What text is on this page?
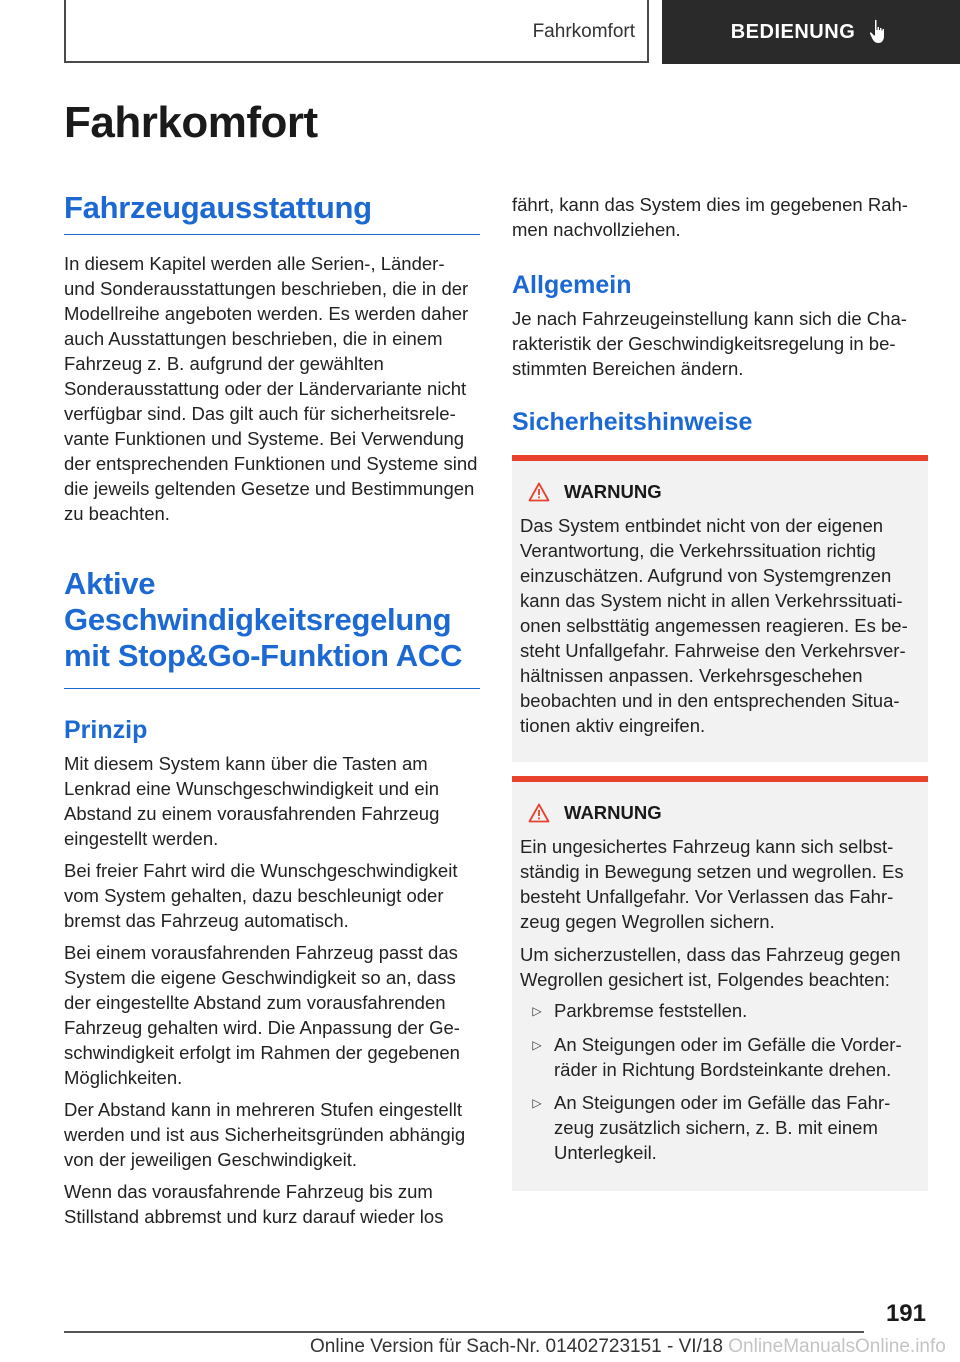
Fahrkomfort	BEDIENUNG
Fahrkomfort
Fahrzeugausstattung

In diesem Kapitel werden alle Serien-, Länder- und Sonderausstattungen beschrieben, die in der Modellreihe angeboten werden. Es werden daher auch Ausstattungen beschrieben, die in einem Fahrzeug z. B. aufgrund der gewählten Sonderausstattung oder der Ländervariante nicht verfügbar sind. Das gilt auch für sicherheitsrelevante Funktionen und Systeme. Bei Verwendung der entsprechenden Funktionen und Systeme sind die jeweils geltenden Gesetze und Bestimmungen zu beachten.

Aktive Geschwindigkeitsregelung mit Stop&Go-Funktion ACC
Prinzip

Mit diesem System kann über die Tasten am Lenkrad eine Wunschgeschwindigkeit und ein Abstand zu einem vorausfahrenden Fahrzeug eingestellt werden.

Bei freier Fahrt wird die Wunschgeschwindigkeit vom System gehalten, dazu beschleunigt oder bremst das Fahrzeug automatisch.

Bei einem vorausfahrenden Fahrzeug passt das System die eigene Geschwindigkeit so an, dass der eingestellte Abstand zum vorausfahrenden Fahrzeug gehalten wird. Die Anpassung der Geschwindigkeit erfolgt im Rahmen der gegebenen Möglichkeiten.

Der Abstand kann in mehreren Stufen eingestellt werden und ist aus Sicherheitsgründen abhängig von der jeweiligen Geschwindigkeit.

Wenn das vorausfahrende Fahrzeug bis zum Stillstand abbremst und kurz darauf wieder los

fährt, kann das System dies im gegebenen Rahmen nachvollziehen.

Allgemein

Je nach Fahrzeugeinstellung kann sich die Charakteristik der Geschwindigkeitsregelung in bestimmten Bereichen ändern.

Sicherheitshinweise
WARNUNG

Das System entbindet nicht von der eigenen Verantwortung, die Verkehrssituation richtig einzuschätzen. Aufgrund von Systemgrenzen kann das System nicht in allen Verkehrssituationen selbsttätig angemessen reagieren. Es besteht Unfallgefahr. Fahrweise den Verkehrsverhältnissen anpassen. Verkehrsgeschehen beobachten und in den entsprechenden Situationen aktiv eingreifen.

WARNUNG

Ein ungesichertes Fahrzeug kann sich selbstständig in Bewegung setzen und wegrollen. Es besteht Unfallgefahr. Vor Verlassen das Fahrzeug gegen Wegrollen sichern.

Um sicherzustellen, dass das Fahrzeug gegen Wegrollen gesichert ist, Folgendes beachten:

▷ Parkbremse feststellen.
▷ An Steigungen oder im Gefälle die Vorderräder in Richtung Bordsteinkante drehen.
▷ An Steigungen oder im Gefälle das Fahrzeug zusätzlich sichern, z. B. mit einem Unterlegkeil.
191
Online Version für Sach-Nr. 01402723151 - VI/18 OnlineManualsOnline.info
